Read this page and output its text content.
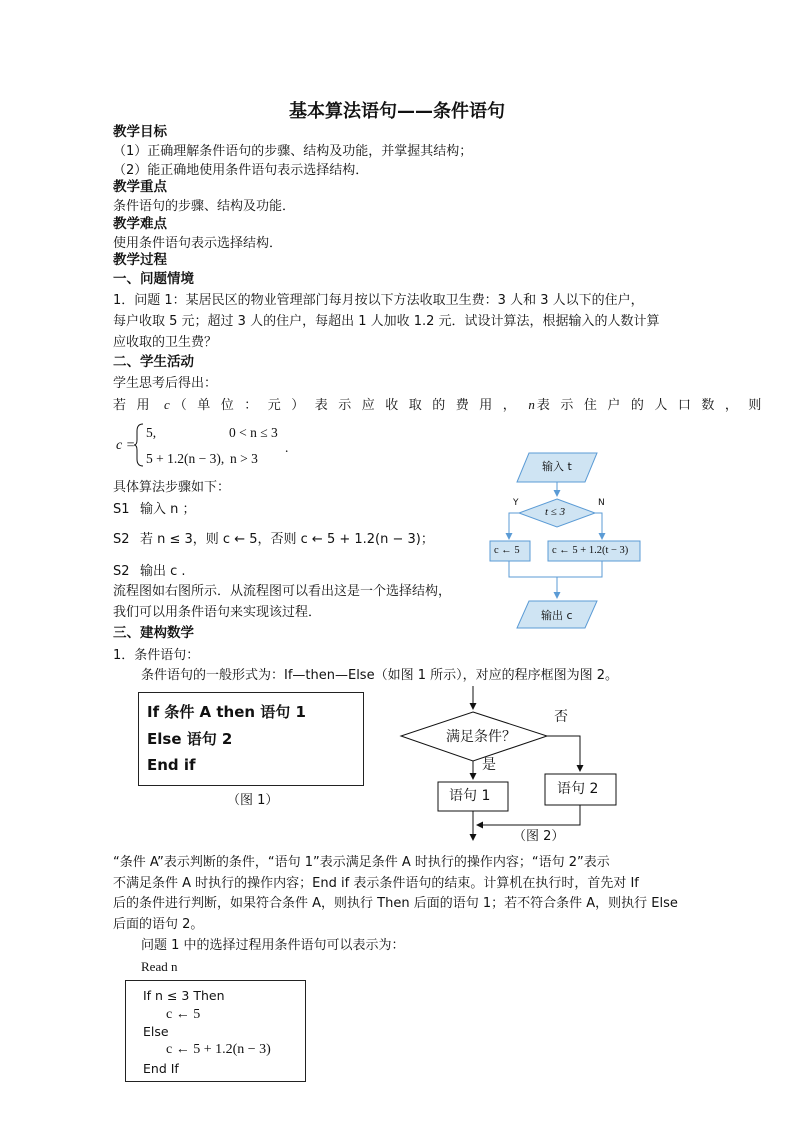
基本算法语句——条件语句
教学目标
（1）正确理解条件语句的步骤、结构及功能，并掌握其结构；
（2）能正确地使用条件语句表示选择结构．
教学重点
条件语句的步骤、结构及功能．
教学难点
使用条件语句表示选择结构．
教学过程
一、问题情境
1．问题 1：某居民区的物业管理部门每月按以下方法收取卫生费：3 人和 3 人以下的住户，
每户收取 5 元；超过 3 人的住户，每超出 1 人加收 1.2 元．试设计算法，根据输入的人数计算
应收取的卫生费？
二、学生活动
学生思考后得出：
若用 c （单位：元）表示应收取的费用， n 表示住户的人口数，则
c =
5,	0 < n ≤ 3
5 + 1.2(n − 3), n > 3
.
具体算法步骤如下：
S1 输入 n ；
S2 若 n ≤ 3，则 c ← 5，否则 c ← 5 + 1.2(n − 3)；
S2 输出 c .
流程图如右图所示．从流程图可以看出这是一个选择结构，
我们可以用条件语句来实现该过程．
输入 t
t ≤ 3
Y	N
c ← 5	c ← 5 + 1.2(t − 3)
输出 c
三、建构数学
1．条件语句：
条件语句的一般形式为：If—then—Else（如图 1 所示），对应的程序框图为图 2。
If 条件 A then 语句 1
Else 语句 2
End if
（图 1）
满足条件？
是
否
语句 1	语句 2
（图 2）
“条件 A”表示判断的条件，“语句 1”表示满足条件 A 时执行的操作内容；“语句 2”表示
不满足条件 A 时执行的操作内容；End if 表示条件语句的结束。计算机在执行时，首先对 If
后的条件进行判断，如果符合条件 A，则执行 Then 后面的语句 1；若不符合条件 A，则执行 Else
后面的语句 2。
问题 1 中的选择过程用条件语句可以表示为：
Read n
If n ≤ 3 Then
c ← 5
Else
c ← 5 + 1.2(n − 3)
End If
